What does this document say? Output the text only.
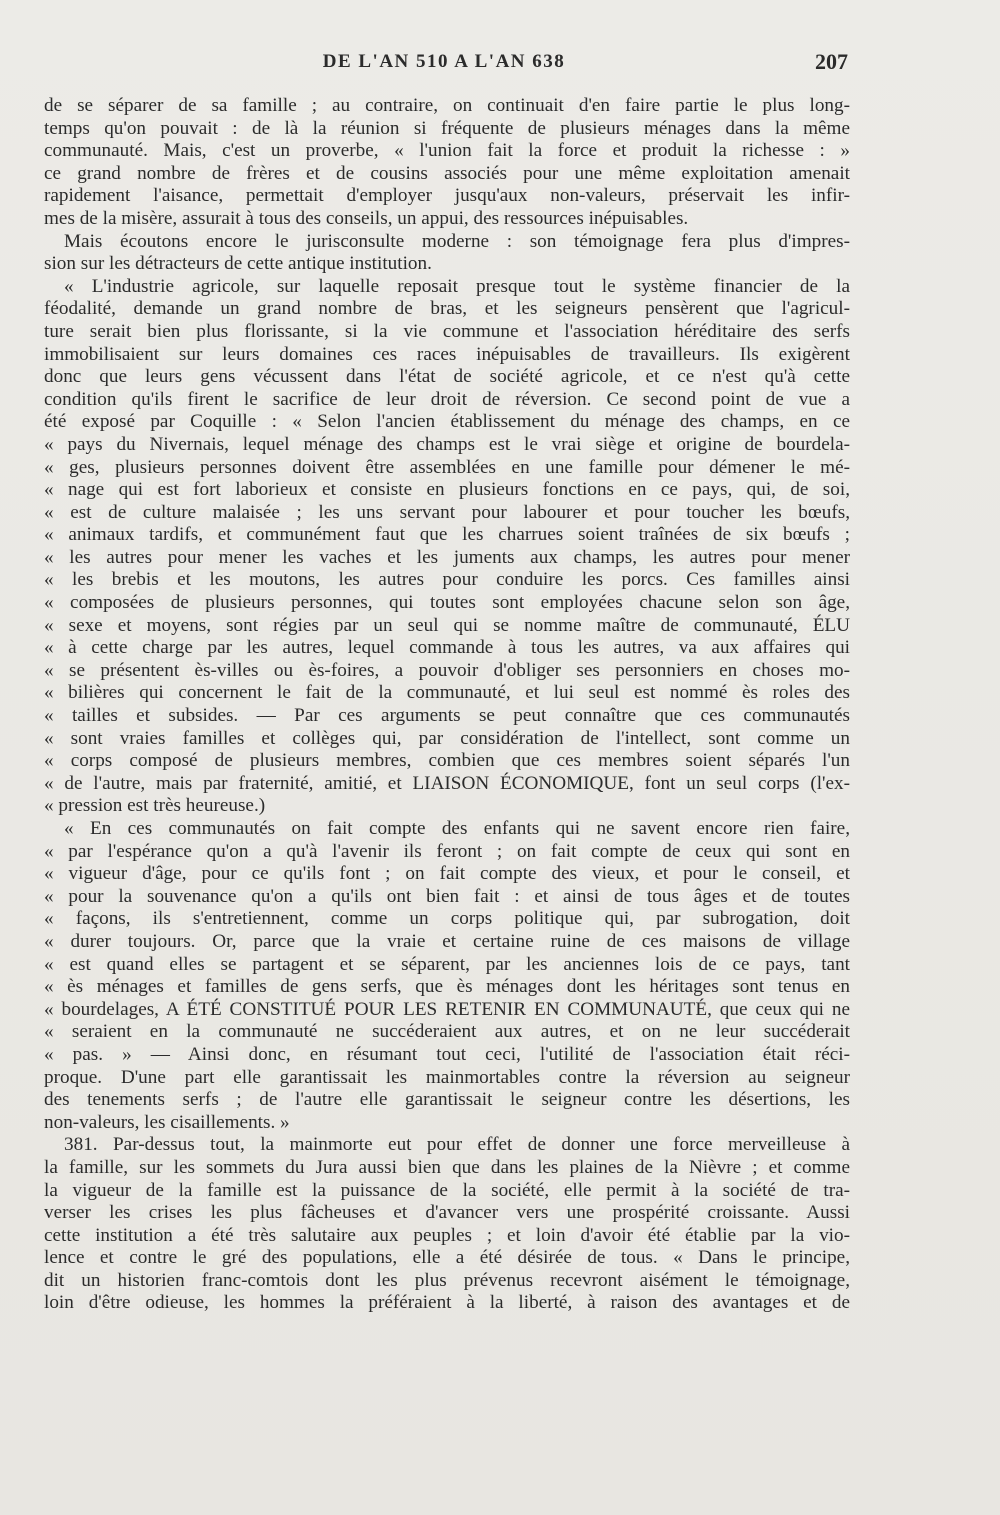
DE L'AN 510 A L'AN 638	207
de se séparer de sa famille ; au contraire, on continuait d'en faire partie le plus long-
temps qu'on pouvait : de là la réunion si fréquente de plusieurs ménages dans la même
communauté. Mais, c'est un proverbe, « l'union fait la force et produit la richesse : »
ce grand nombre de frères et de cousins associés pour une même exploitation amenait
rapidement l'aisance, permettait d'employer jusqu'aux non-valeurs, préservait les infir-
mes de la misère, assurait à tous des conseils, un appui, des ressources inépuisables.
Mais écoutons encore le jurisconsulte moderne : son témoignage fera plus d'impres-
sion sur les détracteurs de cette antique institution.
« L'industrie agricole, sur laquelle reposait presque tout le système financier de la
féodalité, demande un grand nombre de bras, et les seigneurs pensèrent que l'agricul-
ture serait bien plus florissante, si la vie commune et l'association héréditaire des serfs
immobilisaient sur leurs domaines ces races inépuisables de travailleurs. Ils exigèrent
donc que leurs gens vécussent dans l'état de société agricole, et ce n'est qu'à cette
condition qu'ils firent le sacrifice de leur droit de réversion. Ce second point de vue a
été exposé par Coquille : « Selon l'ancien établissement du ménage des champs, en ce
« pays du Nivernais, lequel ménage des champs est le vrai siège et origine de bourdela-
« ges, plusieurs personnes doivent être assemblées en une famille pour démener le mé-
« nage qui est fort laborieux et consiste en plusieurs fonctions en ce pays, qui, de soi,
« est de culture malaisée ; les uns servant pour labourer et pour toucher les bœufs,
« animaux tardifs, et communément faut que les charrues soient traînées de six bœufs ;
« les autres pour mener les vaches et les juments aux champs, les autres pour mener
« les brebis et les moutons, les autres pour conduire les porcs. Ces familles ainsi
« composées de plusieurs personnes, qui toutes sont employées chacune selon son âge,
« sexe et moyens, sont régies par un seul qui se nomme maître de communauté, ÉLU
« à cette charge par les autres, lequel commande à tous les autres, va aux affaires qui
« se présentent ès-villes ou ès-foires, a pouvoir d'obliger ses personniers en choses mo-
« bilières qui concernent le fait de la communauté, et lui seul est nommé ès roles des
« tailles et subsides. — Par ces arguments se peut connaître que ces communautés
« sont vraies familles et collèges qui, par considération de l'intellect, sont comme un
« corps composé de plusieurs membres, combien que ces membres soient séparés l'un
« de l'autre, mais par fraternité, amitié, et LIAISON ÉCONOMIQUE, font un seul corps (l'ex-
« pression est très heureuse.)
« En ces communautés on fait compte des enfants qui ne savent encore rien faire,
« par l'espérance qu'on a qu'à l'avenir ils feront ; on fait compte de ceux qui sont en
« vigueur d'âge, pour ce qu'ils font ; on fait compte des vieux, et pour le conseil, et
« pour la souvenance qu'on a qu'ils ont bien fait : et ainsi de tous âges et de toutes
« façons, ils s'entretiennent, comme un corps politique qui, par subrogation, doit
« durer toujours. Or, parce que la vraie et certaine ruine de ces maisons de village
« est quand elles se partagent et se séparent, par les anciennes lois de ce pays, tant
« ès ménages et familles de gens serfs, que ès ménages dont les héritages sont tenus en
« bourdelages, A ÉTÉ CONSTITUÉ POUR LES RETENIR EN COMMUNAUTÉ, que ceux qui ne
« seraient en la communauté ne succéderaient aux autres, et on ne leur succéderait
« pas. » — Ainsi donc, en résumant tout ceci, l'utilité de l'association était réci-
proque. D'une part elle garantissait les mainmortables contre la réversion au seigneur
des tenements serfs ; de l'autre elle garantissait le seigneur contre les désertions, les
non-valeurs, les cisaillements. »
381. Par-dessus tout, la mainmorte eut pour effet de donner une force merveilleuse à
la famille, sur les sommets du Jura aussi bien que dans les plaines de la Nièvre ; et comme
la vigueur de la famille est la puissance de la société, elle permit à la société de tra-
verser les crises les plus fâcheuses et d'avancer vers une prospérité croissante. Aussi
cette institution a été très salutaire aux peuples ; et loin d'avoir été établie par la vio-
lence et contre le gré des populations, elle a été désirée de tous. « Dans le principe,
dit un historien franc-comtois dont les plus prévenus recevront aisément le témoignage,
loin d'être odieuse, les hommes la préféraient à la liberté, à raison des avantages et de
